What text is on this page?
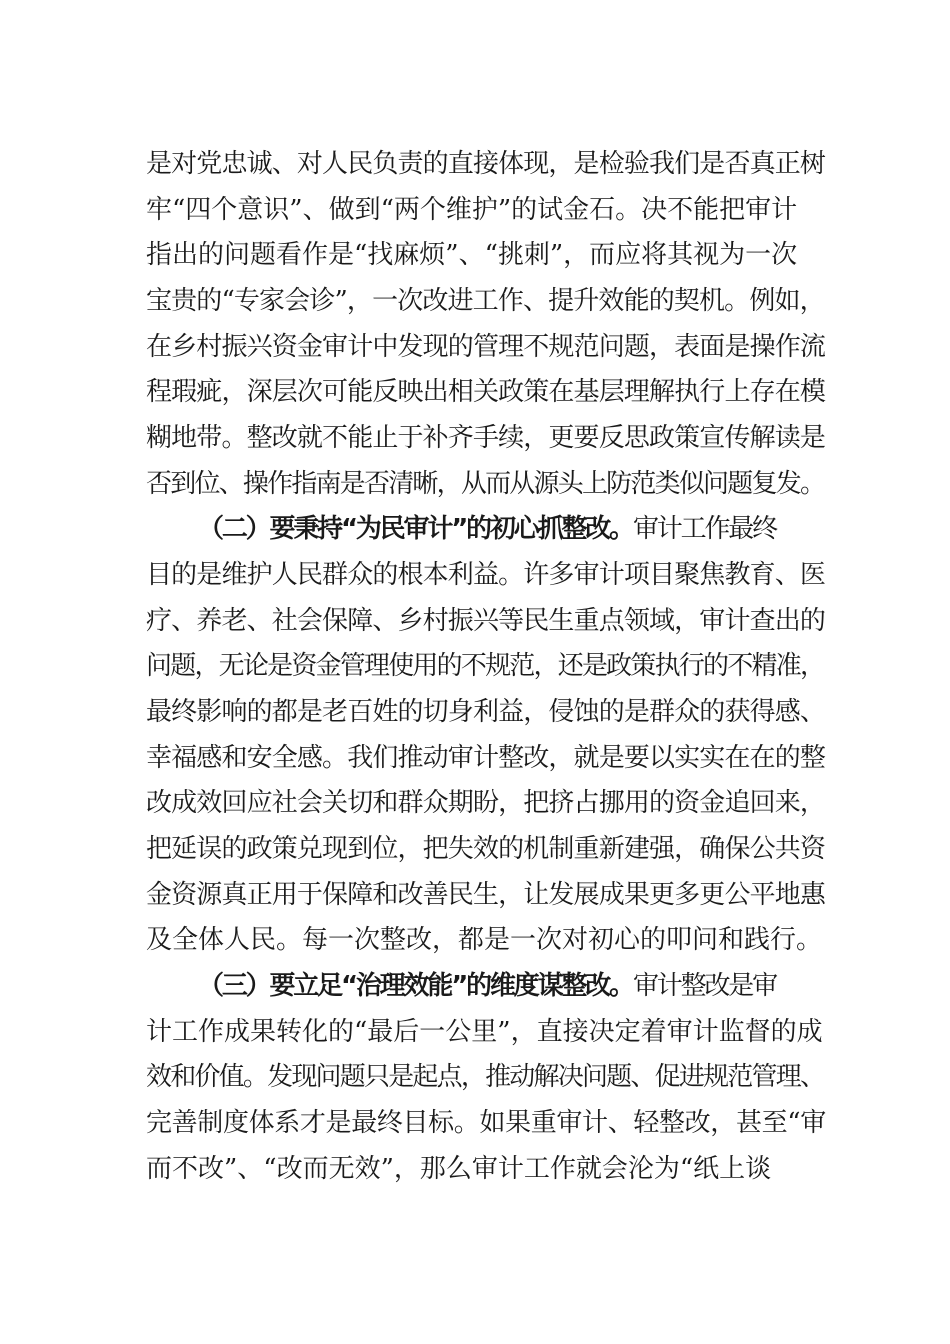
是对党忠诚、对人民负责的直接体现，是检验我们是否真正树
牢“四个意识”、做到“两个维护”的试金石。决不能把审计
指出的问题看作是“找麻烦”、“挑刺”，而应将其视为一次
宝贵的“专家会诊”，一次改进工作、提升效能的契机。例如，
在乡村振兴资金审计中发现的管理不规范问题，表面是操作流
程瑕疵，深层次可能反映出相关政策在基层理解执行上存在模
糊地带。整改就不能止于补齐手续，更要反思政策宣传解读是
否到位、操作指南是否清晰，从而从源头上防范类似问题复发。
（二）要秉持“为民审计”的初心抓整改。审计工作最终
目的是维护人民群众的根本利益。许多审计项目聚焦教育、医
疗、养老、社会保障、乡村振兴等民生重点领域，审计查出的
问题，无论是资金管理使用的不规范，还是政策执行的不精准，
最终影响的都是老百姓的切身利益，侵蚀的是群众的获得感、
幸福感和安全感。我们推动审计整改，就是要以实实在在的整
改成效回应社会关切和群众期盼，把挤占挪用的资金追回来，
把延误的政策兑现到位，把失效的机制重新建强，确保公共资
金资源真正用于保障和改善民生，让发展成果更多更公平地惠
及全体人民。每一次整改，都是一次对初心的叩问和践行。
（三）要立足“治理效能”的维度谋整改。审计整改是审
计工作成果转化的“最后一公里”，直接决定着审计监督的成
效和价值。发现问题只是起点，推动解决问题、促进规范管理、
完善制度体系才是最终目标。如果重审计、轻整改，甚至“审
而不改”、“改而无效”，那么审计工作就会沦为“纸上谈
